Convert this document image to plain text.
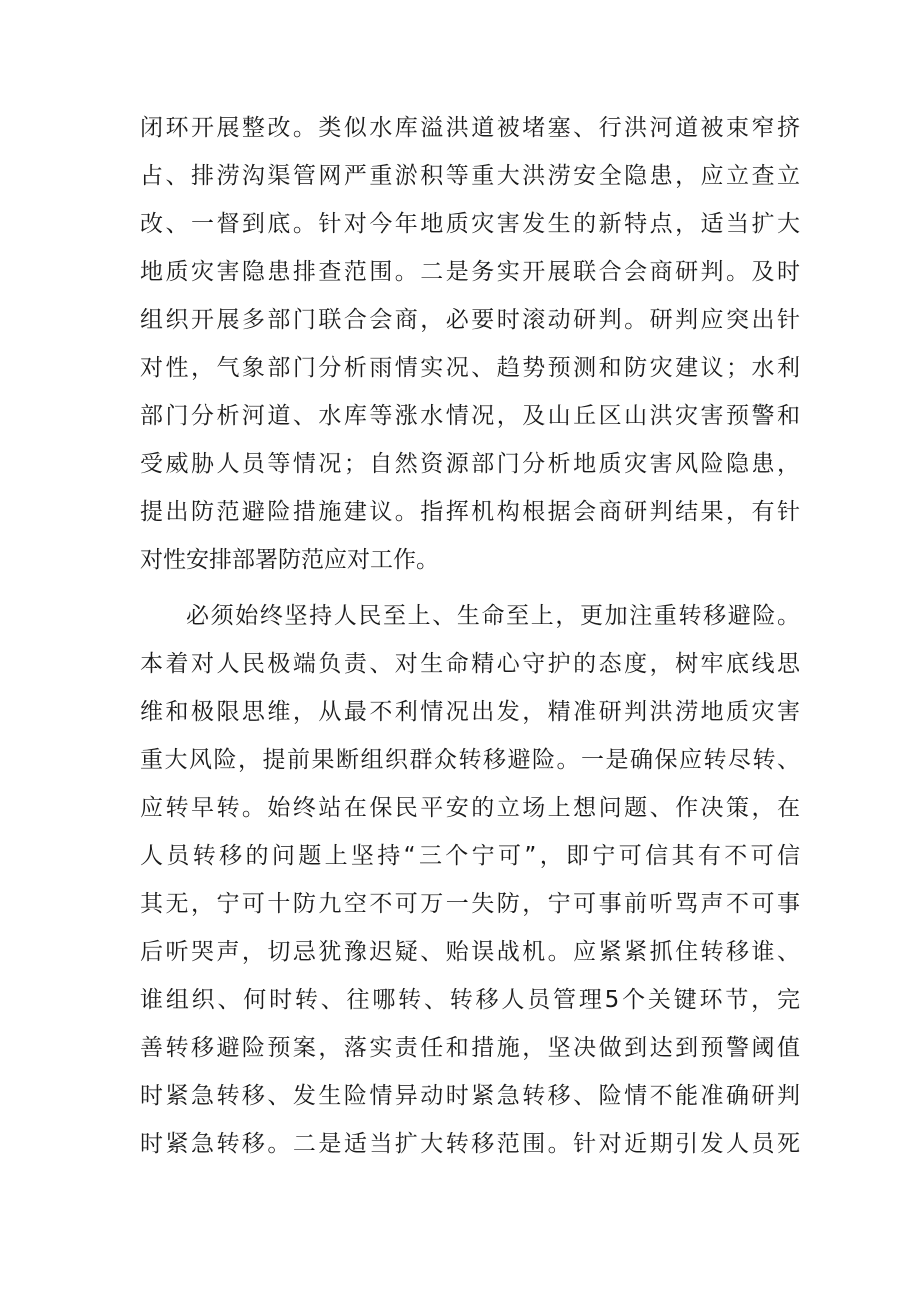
闭环开展整改。类似水库溢洪道被堵塞、行洪河道被束窄挤
占、排涝沟渠管网严重淤积等重大洪涝安全隐患，应立查立
改、一督到底。针对今年地质灾害发生的新特点，适当扩大
地质灾害隐患排查范围。二是务实开展联合会商研判。及时
组织开展多部门联合会商，必要时滚动研判。研判应突出针
对性，气象部门分析雨情实况、趋势预测和防灾建议；水利
部门分析河道、水库等涨水情况，及山丘区山洪灾害预警和
受威胁人员等情况；自然资源部门分析地质灾害风险隐患，
提出防范避险措施建议。指挥机构根据会商研判结果，有针
对性安排部署防范应对工作。
必须始终坚持人民至上、生命至上，更加注重转移避险。
本着对人民极端负责、对生命精心守护的态度，树牢底线思
维和极限思维，从最不利情况出发，精准研判洪涝地质灾害
重大风险，提前果断组织群众转移避险。一是确保应转尽转、
应转早转。始终站在保民平安的立场上想问题、作决策，在
人员转移的问题上坚持“三个宁可”，即宁可信其有不可信
其无，宁可十防九空不可万一失防，宁可事前听骂声不可事
后听哭声，切忌犹豫迟疑、贻误战机。应紧紧抓住转移谁、
谁组织、何时转、往哪转、转移人员管理5个关键环节，完
善转移避险预案，落实责任和措施，坚决做到达到预警阈值
时紧急转移、发生险情异动时紧急转移、险情不能准确研判
时紧急转移。二是适当扩大转移范围。针对近期引发人员死
